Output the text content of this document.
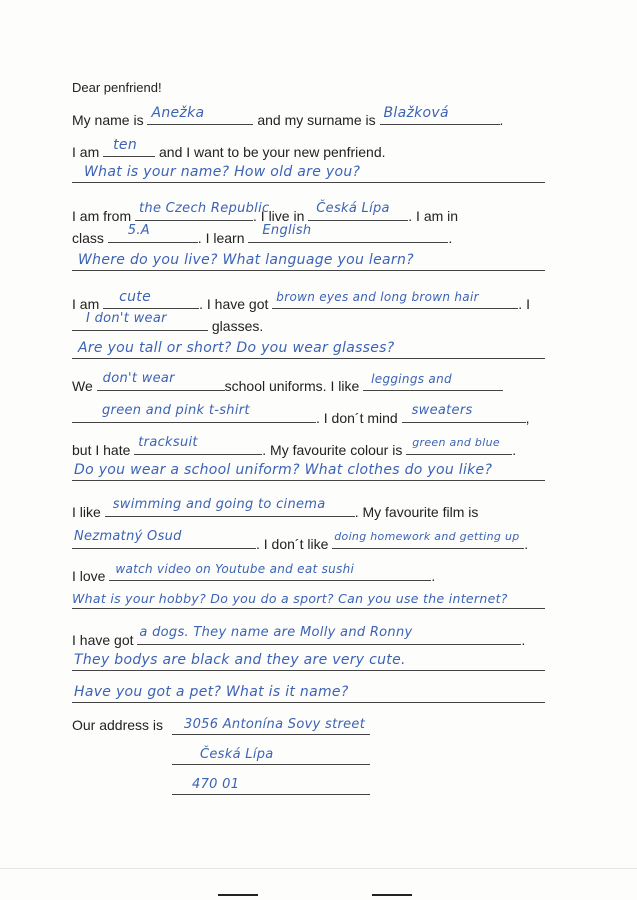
Dear penfriend!
My name is Anežka	and my surname is Blažková	.
I am ten and I want to be your new penfriend.
What is your name? How old are you?
I am from the Czech Republic
. I live in Česká Lípa . I am in
class 5.A	. I learn English	.
Where do you live? What language you learn?
I am cute	. I have got brown eyes and long brown hair	. I
I don't wear	glasses.
Are you tall or short? Do you wear glasses?
We don't wear	school uniforms. I like leggings and
green and pink t-shirt	. I don´t mind sweaters	,
but I hate tracksuit	. My favourite colour is green and blue .
Do you wear a school uniform? What clothes do you like?
I like swimming and going to cinema . My favourite film is
Nezmatný Osud	. I don´t like doing homework and getting up .
I love watch video on Youtube and eat sushi	.
What is your hobby? Do you do a sport? Can you use the internet?
I have got a dogs. They name are Molly and Ronny	.
They bodys are black and they are very cute.
Have you got a pet? What is it name?
Our address is	3056 Antonína Sovy street
Česká Lípa
470 01
